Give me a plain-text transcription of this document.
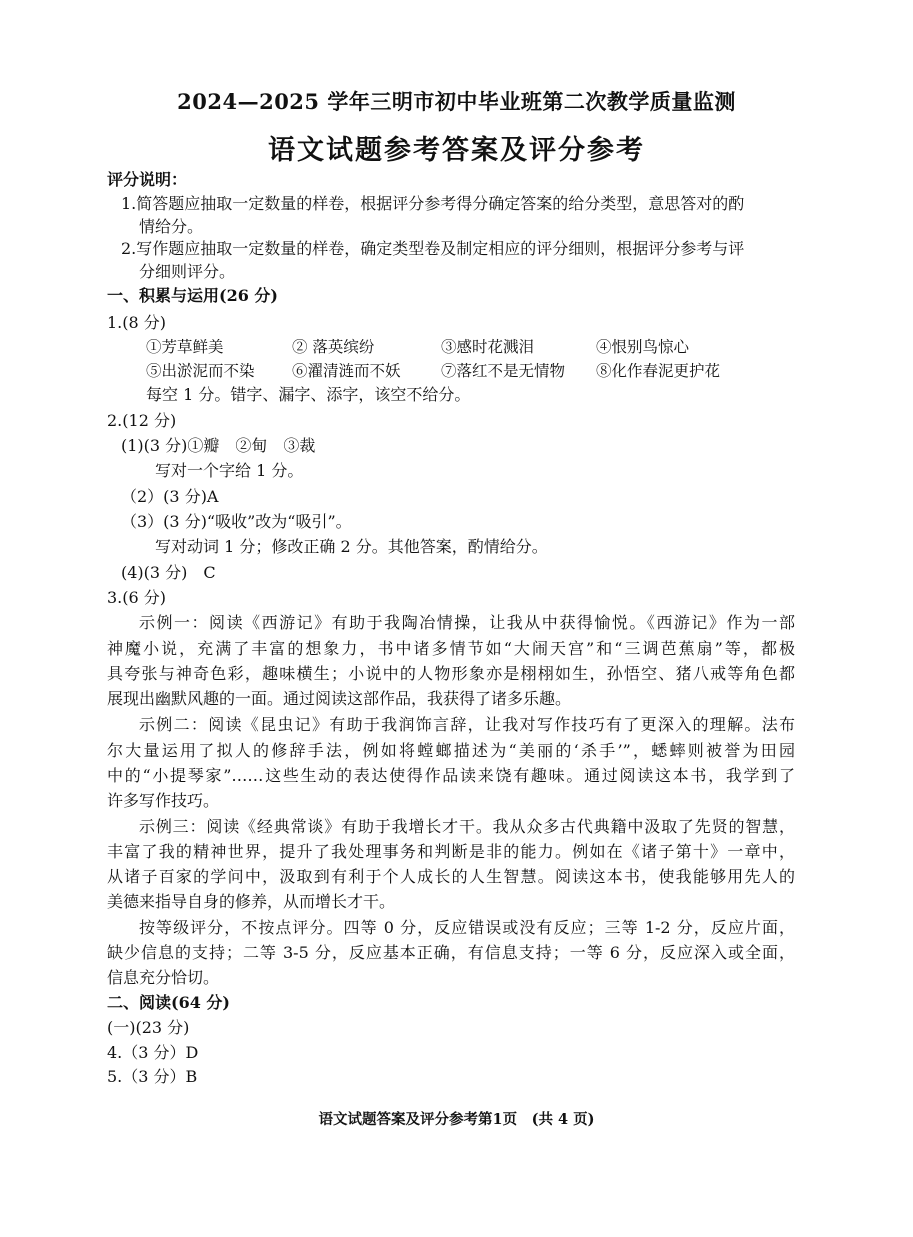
2024—2025 学年三明市初中毕业班第二次教学质量监测
语文试题参考答案及评分参考
评分说明：
1.简答题应抽取一定数量的样卷，根据评分参考得分确定答案的给分类型，意思答对的酌
情给分。
2.写作题应抽取一定数量的样卷，确定类型卷及制定相应的评分细则，根据评分参考与评
分细则评分。
一、积累与运用(26 分)
1.(8 分)
①芳草鲜美	② 落英缤纷	③感时花溅泪	④恨别鸟惊心
⑤出淤泥而不染 ⑥濯清涟而不妖	⑦落红不是无情物 ⑧化作春泥更护花
每空 1 分。错字、漏字、添字，该空不给分。
2.(12 分)
(1)(3 分)①瓣　②甸　③裁
写对一个字给 1 分。
（2）(3 分)A
（3）(3 分)“吸收”改为“吸引”。
写对动词 1 分；修改正确 2 分。其他答案，酌情给分。
(4)(3 分)　C
3.(6 分)
示例一：阅读《西游记》有助于我陶冶情操，让我从中获得愉悦。《西游记》作为一部
神魔小说，充满了丰富的想象力，书中诸多情节如“大闹天宫”和“三调芭蕉扇”等，都极
具夸张与神奇色彩，趣味横生；小说中的人物形象亦是栩栩如生，孙悟空、猪八戒等角色都
展现出幽默风趣的一面。通过阅读这部作品，我获得了诸多乐趣。
示例二：阅读《昆虫记》有助于我润饰言辞，让我对写作技巧有了更深入的理解。法布
尔大量运用了拟人的修辞手法，例如将螳螂描述为“美丽的‘杀手’”，蟋蟀则被誉为田园
中的“小提琴家”……这些生动的表达使得作品读来饶有趣味。通过阅读这本书，我学到了
许多写作技巧。
示例三：阅读《经典常谈》有助于我增长才干。我从众多古代典籍中汲取了先贤的智慧，
丰富了我的精神世界，提升了我处理事务和判断是非的能力。例如在《诸子第十》一章中，
从诸子百家的学问中，汲取到有利于个人成长的人生智慧。阅读这本书，使我能够用先人的
美德来指导自身的修养，从而增长才干。
按等级评分，不按点评分。四等 0 分，反应错误或没有反应；三等 1-2 分，反应片面，
缺少信息的支持；二等 3-5 分，反应基本正确，有信息支持；一等 6 分，反应深入或全面，
信息充分恰切。
二、阅读(64 分)
(一)(23 分)
4.（3 分）D
5.（3 分）B
语文试题答案及评分参考第1页　(共 4 页)
